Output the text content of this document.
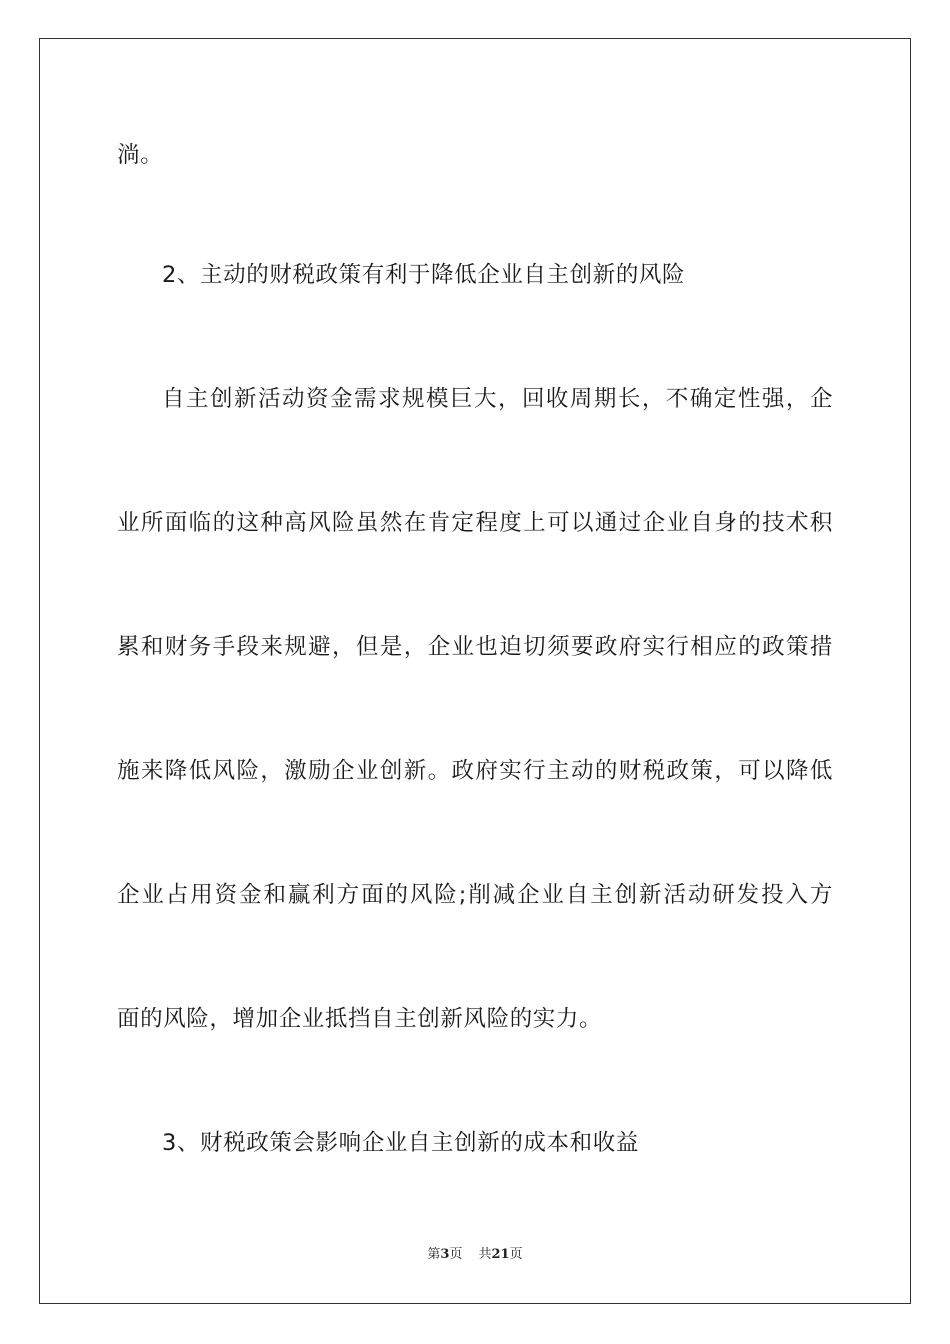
淌。
2、主动的财税政策有利于降低企业自主创新的风险
自主创新活动资金需求规模巨大，回收周期长，不确定性强，企
业所面临的这种高风险虽然在肯定程度上可以通过企业自身的技术积
累和财务手段来规避，但是，企业也迫切须要政府实行相应的政策措
施来降低风险，激励企业创新。政府实行主动的财税政策，可以降低
企业占用资金和赢利方面的风险;削减企业自主创新活动研发投入方
面的风险，增加企业抵挡自主创新风险的实力。
3、财税政策会影响企业自主创新的成本和收益
第3页 共21页
